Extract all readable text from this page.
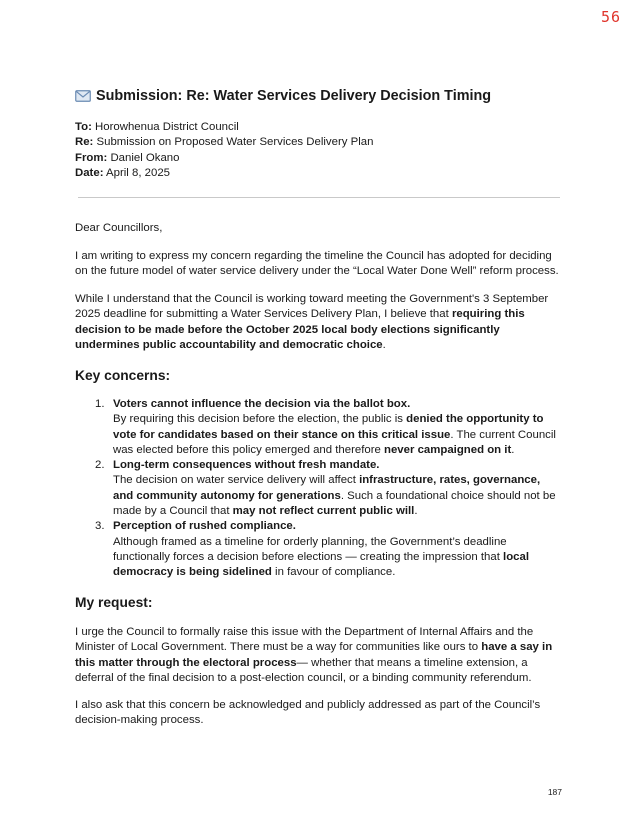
56
Submission: Re: Water Services Delivery Decision Timing
To: Horowhenua District Council
Re: Submission on Proposed Water Services Delivery Plan
From: Daniel Okano
Date: April 8, 2025

Dear Councillors,

I am writing to express my concern regarding the timeline the Council has adopted for deciding on the future model of water service delivery under the “Local Water Done Well” reform process.

While I understand that the Council is working toward meeting the Government's 3 September 2025 deadline for submitting a Water Services Delivery Plan, I believe that requiring this decision to be made before the October 2025 local body elections significantly undermines public accountability and democratic choice.

Key concerns:
1. Voters cannot influence the decision via the ballot box.
By requiring this decision before the election, the public is denied the opportunity to vote for candidates based on their stance on this critical issue. The current Council was elected before this policy emerged and therefore never campaigned on it.
2. Long-term consequences without fresh mandate.
The decision on water service delivery will affect infrastructure, rates, governance, and community autonomy for generations. Such a foundational choice should not be made by a Council that may not reflect current public will.
3. Perception of rushed compliance.
Although framed as a timeline for orderly planning, the Government’s deadline functionally forces a decision before elections — creating the impression that local democracy is being sidelined in favour of compliance.
My request:

I urge the Council to formally raise this issue with the Department of Internal Affairs and the Minister of Local Government. There must be a way for communities like ours to have a say in this matter through the electoral process— whether that means a timeline extension, a deferral of the final decision to a post-election council, or a binding community referendum.

I also ask that this concern be acknowledged and publicly addressed as part of the Council’s decision-making process.

187
